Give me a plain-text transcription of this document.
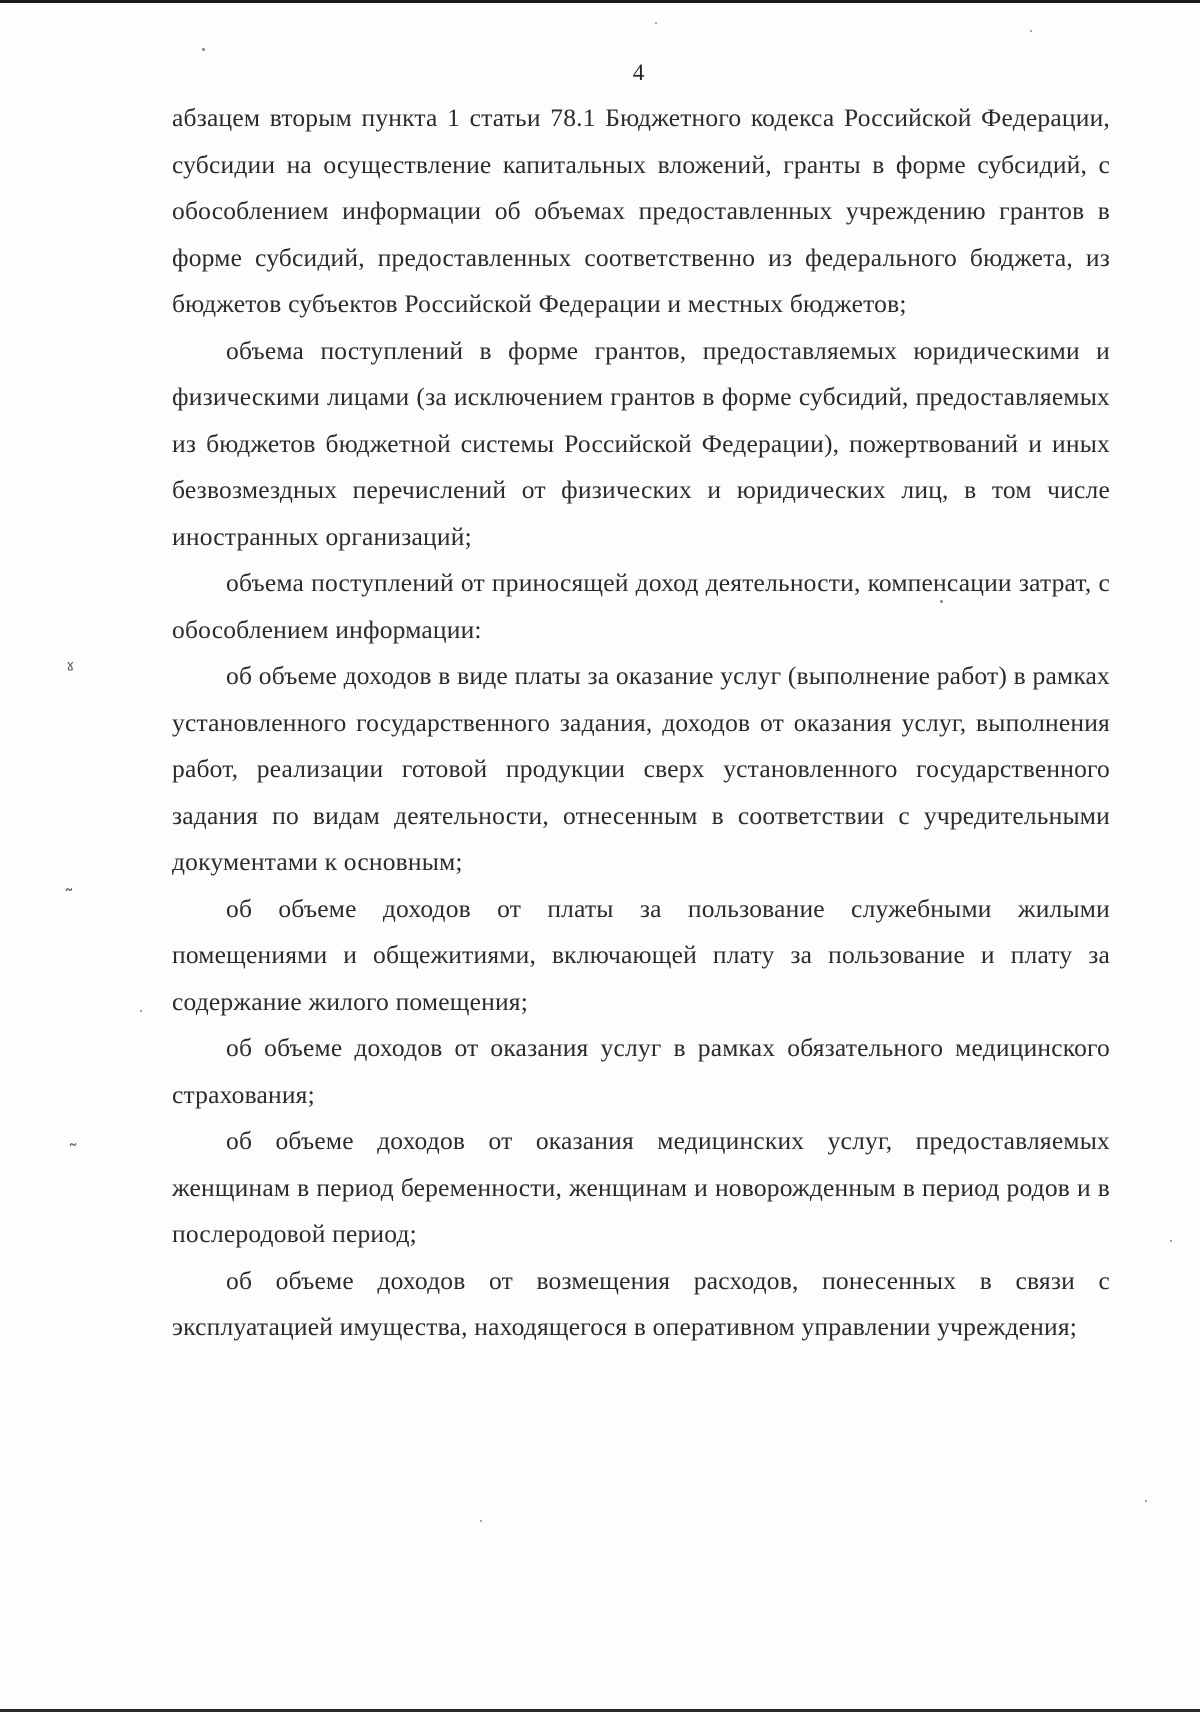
4

абзацем вторым пункта 1 статьи 78.1 Бюджетного кодекса Российской Федерации, субсидии на осуществление капитальных вложений, гранты в форме субсидий, с обособлением информации об объемах предоставленных учреждению грантов в форме субсидий, предоставленных соответственно из федерального бюджета, из бюджетов субъектов Российской Федерации и местных бюджетов;

объема поступлений в форме грантов, предоставляемых юридическими и физическими лицами (за исключением грантов в форме субсидий, предоставляемых из бюджетов бюджетной системы Российской Федерации), пожертвований и иных безвозмездных перечислений от физических и юридических лиц, в том числе иностранных организаций;

объема поступлений от приносящей доход деятельности, компенсации затрат, с обособлением информации:

об объеме доходов в виде платы за оказание услуг (выполнение работ) в рамках установленного государственного задания, доходов от оказания услуг, выполнения работ, реализации готовой продукции сверх установленного государственного задания по видам деятельности, отнесенным в соответствии с учредительными документами к основным;

об объеме доходов от платы за пользование служебными жилыми помещениями и общежитиями, включающей плату за пользование и плату за содержание жилого помещения;

об объеме доходов от оказания услуг в рамках обязательного медицинского страхования;

об объеме доходов от оказания медицинских услуг, предоставляемых женщинам в период беременности, женщинам и новорожденным в период родов и в послеродовой период;

об объеме доходов от возмещения расходов, понесенных в связи с эксплуатацией имущества, находящегося в оперативном управлении учреждения;

ˠ
˷
˜
